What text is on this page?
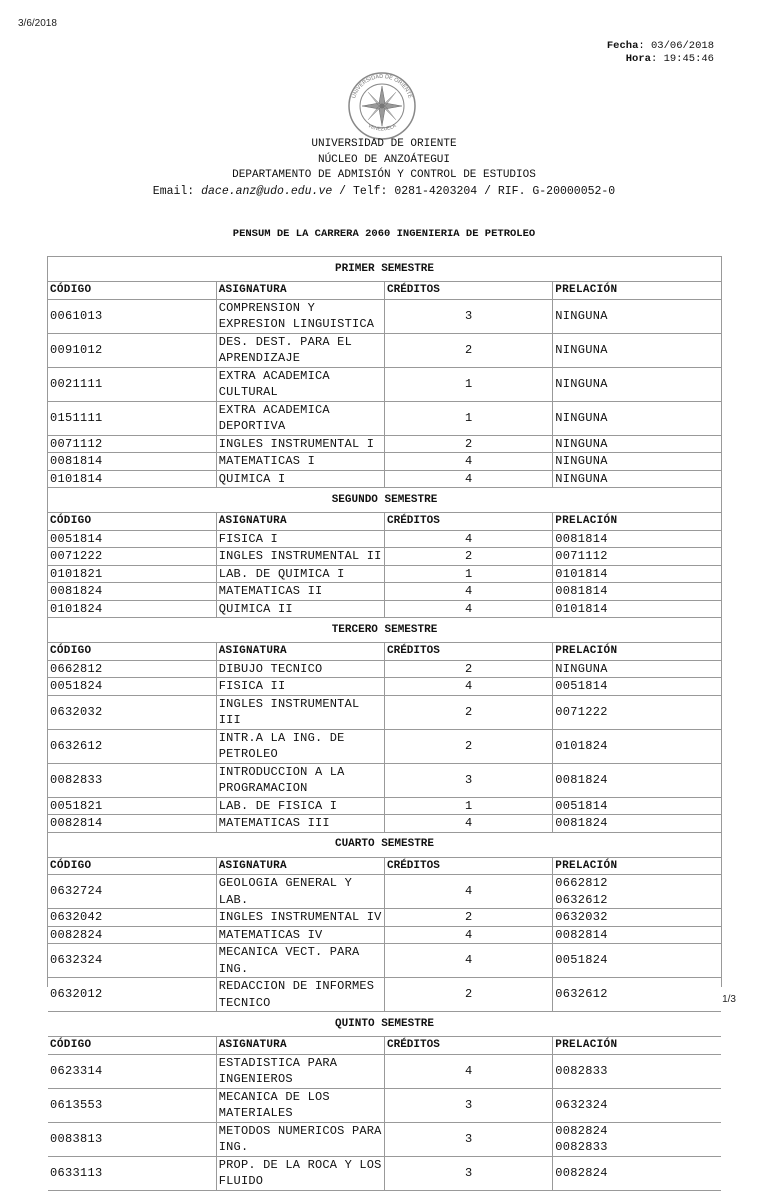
3/6/2018
Fecha: 03/06/2018
Hora: 19:45:46
UNIVERSIDAD DE ORIENTE
VENEZUELA
UNIVERSIDAD DE ORIENTE
NÚCLEO DE ANZOÁTEGUI
DEPARTAMENTO DE ADMISIÓN Y CONTROL DE ESTUDIOS
Email: dace.anz@udo.edu.ve / Telf: 0281-4203204 / RIF. G-20000052-0
PENSUM DE LA CARRERA 2060 INGENIERIA DE PETROLEO
PRIMER SEMESTRE			
CÓDIGO	ASIGNATURA	CRÉDITOS	PRELACIÓN
0061013	COMPRENSION Y EXPRESION LINGUISTICA	3	NINGUNA

0091012	DES. DEST. PARA EL APRENDIZAJE	2	NINGUNA

0021111	EXTRA ACADEMICA CULTURAL	1	NINGUNA

0151111	EXTRA ACADEMICA DEPORTIVA	1	NINGUNA

0071112	INGLES INSTRUMENTAL I	2	NINGUNA

0081814	MATEMATICAS I	4	NINGUNA

0101814	QUIMICA I	4	NINGUNA

SEGUNDO SEMESTRE			
CÓDIGO	ASIGNATURA	CRÉDITOS	PRELACIÓN
0051814	FISICA I	4	0081814

0071222	INGLES INSTRUMENTAL II	2	0071112

0101821	LAB. DE QUIMICA I	1	0101814

0081824	MATEMATICAS II	4	0081814

0101824	QUIMICA II	4	0101814

TERCERO SEMESTRE			
CÓDIGO	ASIGNATURA	CRÉDITOS	PRELACIÓN
0662812	DIBUJO TECNICO	2	NINGUNA

0051824	FISICA II	4	0051814

0632032	INGLES INSTRUMENTAL III	2	0071222

0632612	INTR.A LA ING. DE PETROLEO	2	0101824

0082833	INTRODUCCION A LA PROGRAMACION	3	0081824

0051821	LAB. DE FISICA I	1	0051814

0082814	MATEMATICAS III	4	0081824

CUARTO SEMESTRE			
CÓDIGO	ASIGNATURA	CRÉDITOS	PRELACIÓN
0632724	GEOLOGIA GENERAL Y LAB.	4	0662812
0632612

0632042	INGLES INSTRUMENTAL IV	2	0632032

0082824	MATEMATICAS IV	4	0082814

0632324	MECANICA VECT. PARA ING.	4	0051824

0632012	REDACCION DE INFORMES TECNICO	2	0632612

QUINTO SEMESTRE			
CÓDIGO	ASIGNATURA	CRÉDITOS	PRELACIÓN
0623314	ESTADISTICA PARA INGENIEROS	4	0082833

0613553	MECANICA DE LOS MATERIALES	3	0632324

0083813	METODOS NUMERICOS PARA ING.	3	0082824
0082833

0633113	PROP. DE LA ROCA Y LOS FLUIDO	3	0082824
1/3
